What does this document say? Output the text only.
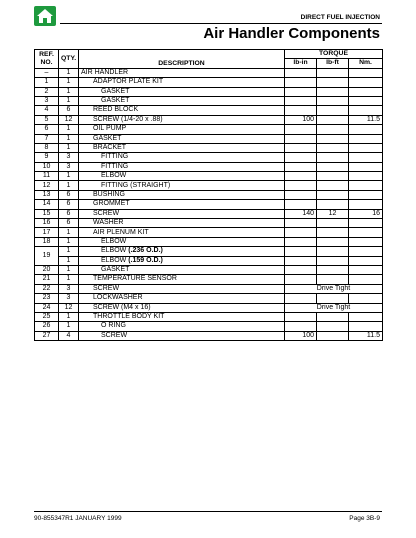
DIRECT FUEL INJECTION
Air Handler Components
REF.
NO.	QTY.	DESCRIPTION	TORQUE		
			lb-in	lb-ft	Nm.
–	1	AIR HANDLER			
1	1	ADAPTOR PLATE KIT			
2	1	GASKET			
3	1	GASKET			
4	6	REED BLOCK			
5	12	SCREW (1/4-20 x .88)	100		11.5
6	1	OIL PUMP			
7	1	GASKET			
8	1	BRACKET			
9	3	FITTING			
10	3	FITTING			
11	1	ELBOW			
12	1	FITTING (STRAIGHT)			
13	6	BUSHING			
14	6	GROMMET			
15	6	SCREW	140	12	16
16	6	WASHER			
17	1	AIR PLENUM KIT			
18	1	ELBOW			
19	1	ELBOW (.236 O.D.)			
	1	ELBOW (.159 O.D.)			
20	1	GASKET			
21	1	TEMPERATURE SENSOR			
22	3	SCREW	Drive Tight		
23	3	LOCKWASHER			
24	12	SCREW (M4 x 16)	Drive Tight		
25	1	THROTTLE BODY KIT			
26	1	O RING			
27	4	SCREW	100		11.5
90-855347R1 JANUARY 1999	Page 3B-9
